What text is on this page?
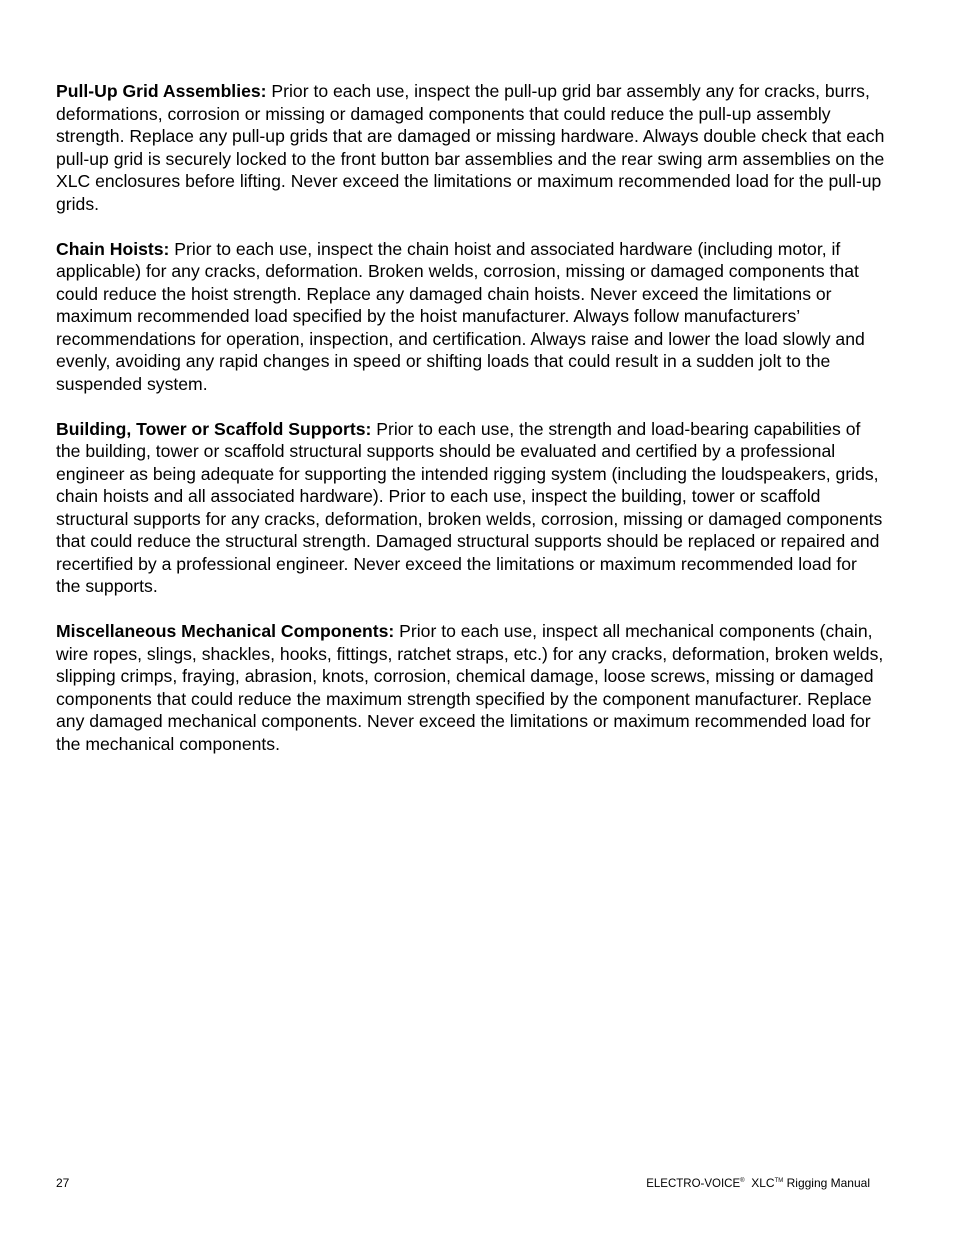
Pull-Up Grid Assemblies: Prior to each use, inspect the pull-up grid bar assembly any for cracks, burrs, deformations, corrosion or missing or damaged components that could reduce the pull-up assembly strength. Replace any pull-up grids that are damaged or missing hardware. Always double check that each pull-up grid is securely locked to the front button bar assemblies and the rear swing arm assemblies on the XLC enclosures before lifting. Never exceed the limitations or maximum recommended load for the pull-up grids.

Chain Hoists: Prior to each use, inspect the chain hoist and associated hardware (including motor, if applicable) for any cracks, deformation. Broken welds, corrosion, missing or damaged components that could reduce the hoist strength. Replace any damaged chain hoists. Never exceed the limitations or maximum recommended load specified by the hoist manufacturer. Always follow manufacturers’ recommendations for operation, inspection, and certification. Always raise and lower the load slowly and evenly, avoiding any rapid changes in speed or shifting loads that could result in a sudden jolt to the suspended system.

Building, Tower or Scaffold Supports: Prior to each use, the strength and load-bearing capabilities of the building, tower or scaffold structural supports should be evaluated and certified by a professional engineer as being adequate for supporting the intended rigging system (including the loudspeakers, grids, chain hoists and all associated hardware). Prior to each use, inspect the building, tower or scaffold structural supports for any cracks, deformation, broken welds, corrosion, missing or damaged components that could reduce the structural strength. Damaged structural supports should be replaced or repaired and recertified by a professional engineer. Never exceed the limitations or maximum recommended load for the supports.

Miscellaneous Mechanical Components: Prior to each use, inspect all mechanical components (chain, wire ropes, slings, shackles, hooks, fittings, ratchet straps, etc.) for any cracks, deformation, broken welds, slipping crimps, fraying, abrasion, knots, corrosion, chemical damage, loose screws, missing or damaged components that could reduce the maximum strength specified by the component manufacturer. Replace any damaged mechanical components. Never exceed the limitations or maximum recommended load for the mechanical components.

27	ELECTRO-VOICE® XLC™ Rigging Manual
